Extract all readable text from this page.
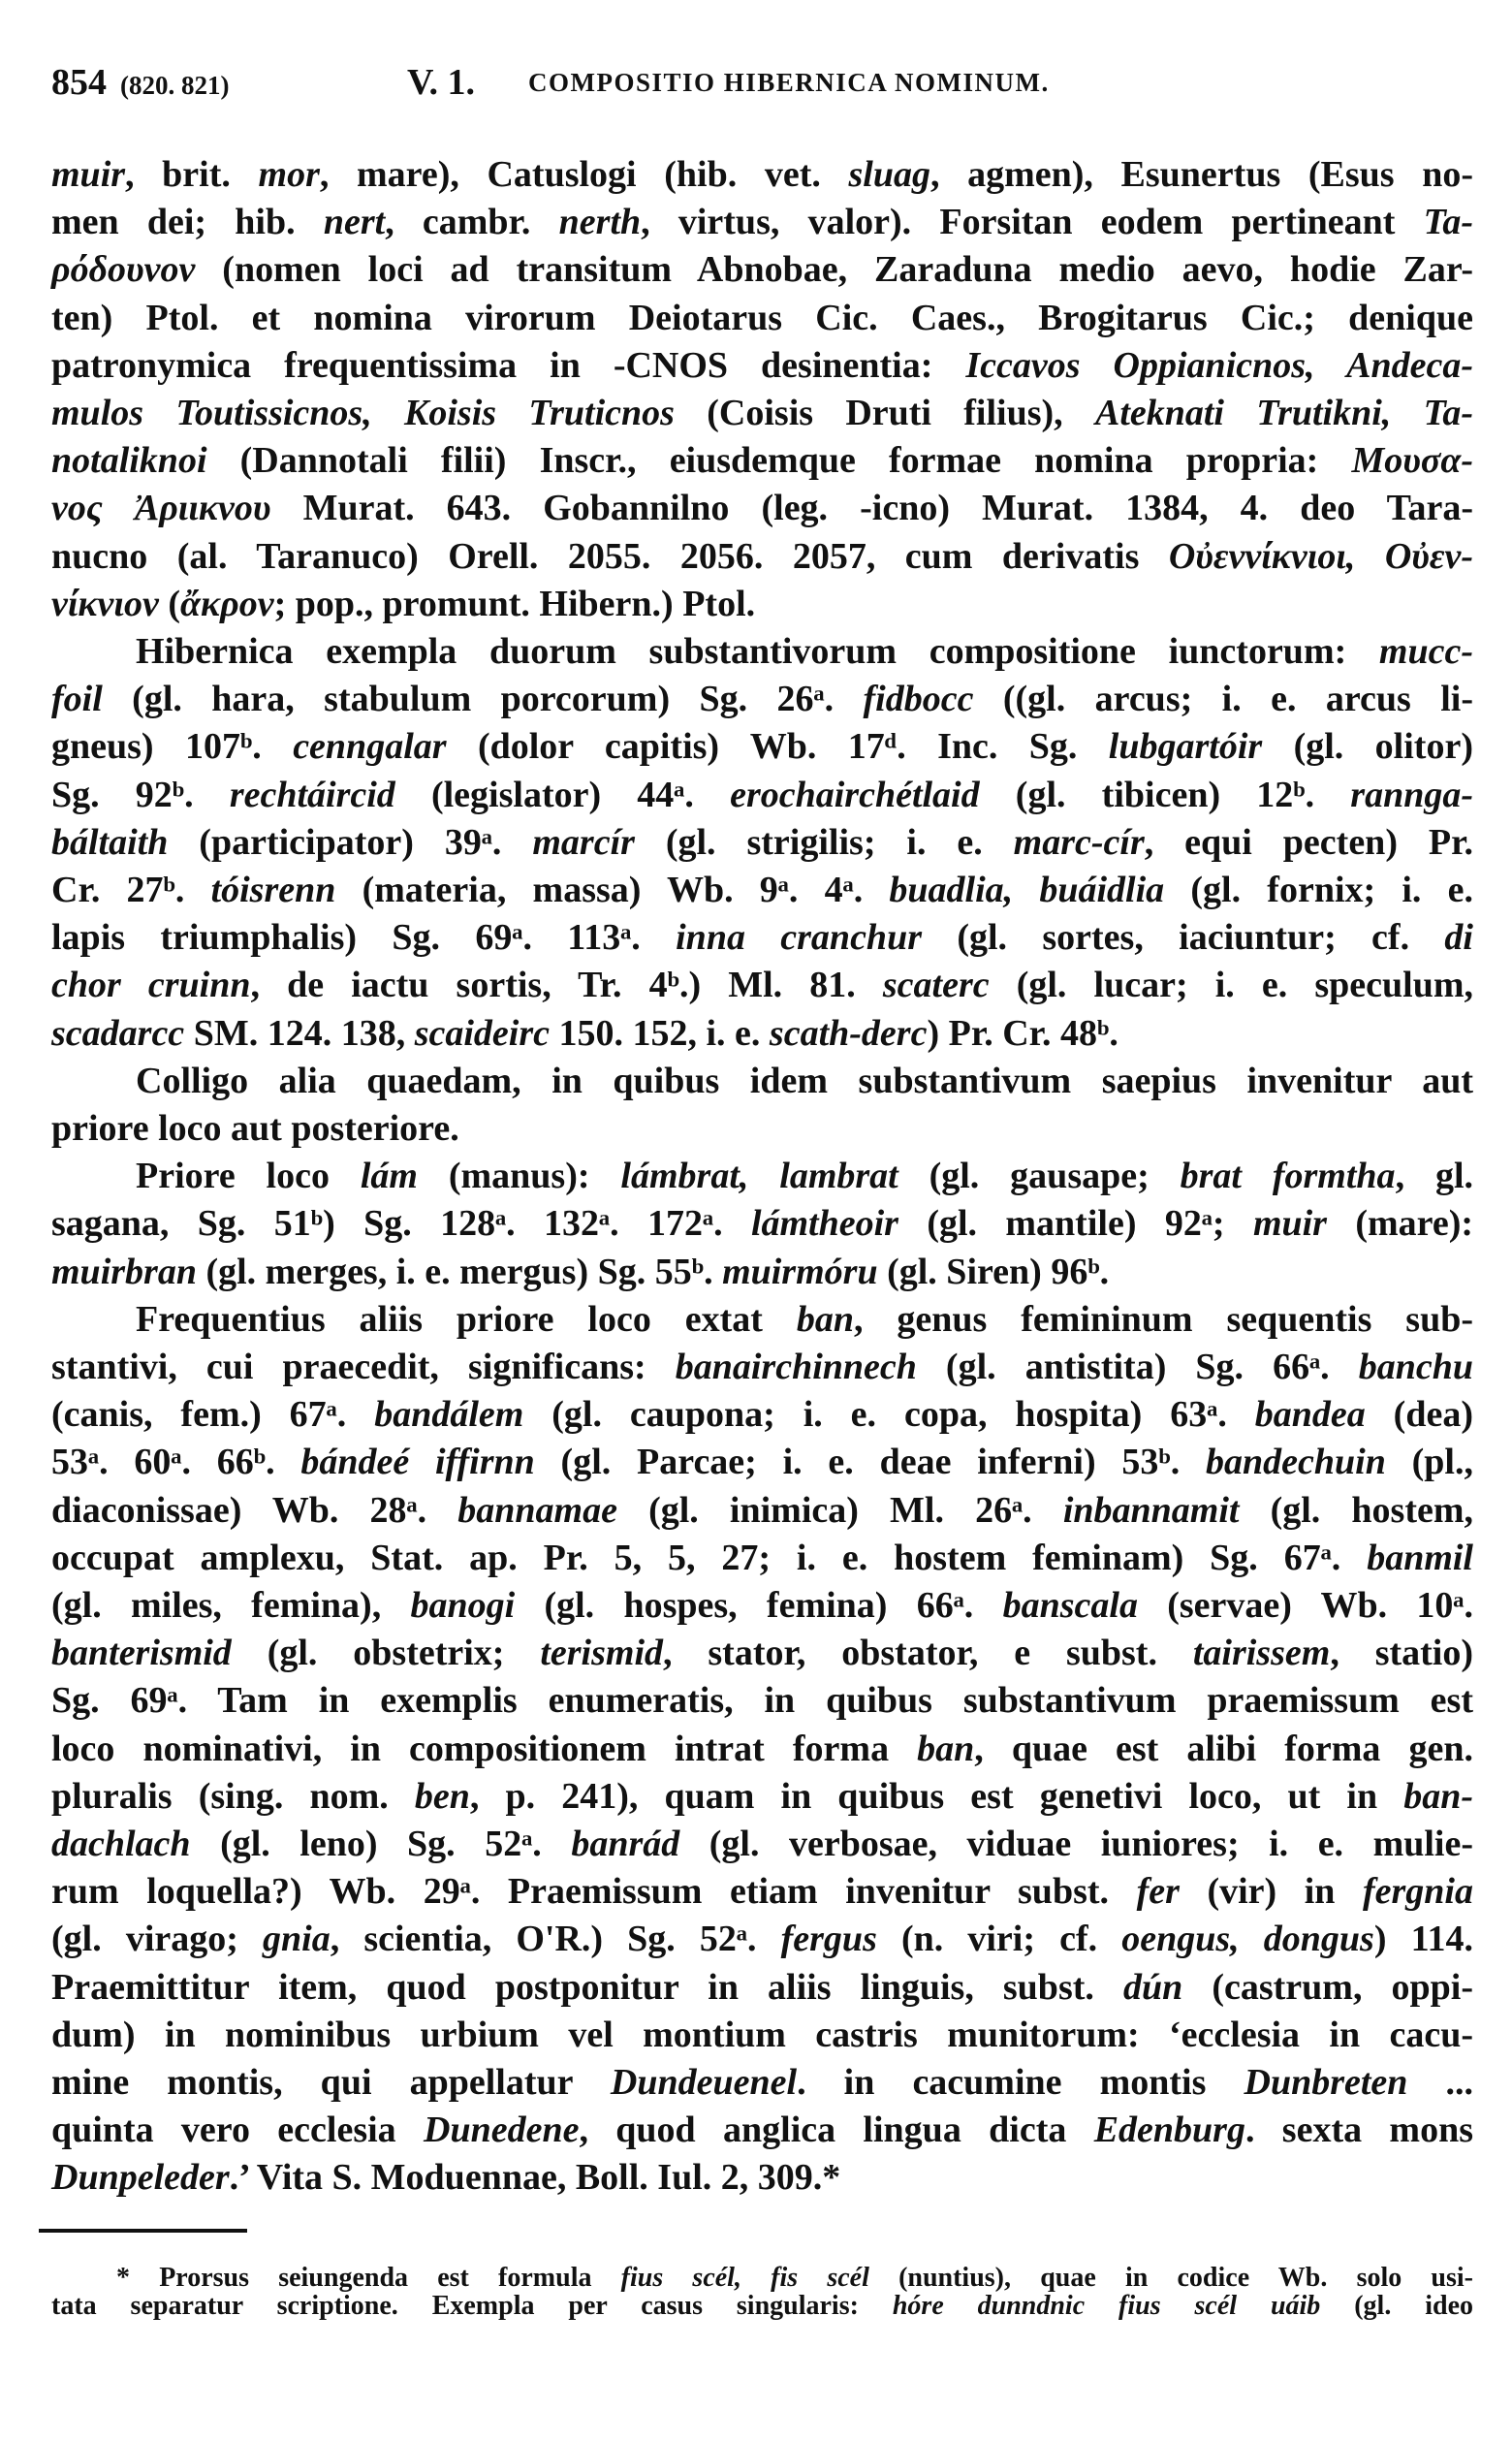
854 (820. 821)	V. 1. COMPOSITIO HIBERNICA NOMINUM.
muir, brit. mor, mare), Catuslogi (hib. vet. sluag, agmen), Esunertus (Esus no-
men dei; hib. nert, cambr. nerth, virtus, valor). Forsitan eodem pertineant Ta-
ρόδουνον (nomen loci ad transitum Abnobae, Zaraduna medio aevo, hodie Zar-
ten) Ptol. et nomina virorum Deiotarus Cic. Caes., Brogitarus Cic.; denique
patronymica frequentissima in -CNOS desinentia: Iccavos Oppianicnos, Andeca-
mulos Toutissicnos, Koisis Truticnos (Coisis Druti filius), Ateknati Trutikni, Ta-
notaliknoi (Dannotali filii) Inscr., eiusdemque formae nomina propria: Μουσα-
νος Ἀριικνου Murat. 643. Gobannilno (leg. -icno) Murat. 1384, 4. deo Tara-
nucno (al. Taranuco) Orell. 2055. 2056. 2057, cum derivatis Οὐεννίκνιοι, Οὐεν-
νίκνιον (ἄκρον; pop., promunt. Hibern.) Ptol.
Hibernica exempla duorum substantivorum compositione iunctorum: mucc-
foil (gl. hara, stabulum porcorum) Sg. 26ᵃ. fidbocc ((gl. arcus; i. e. arcus li-
gneus) 107ᵇ. cenngalar (dolor capitis) Wb. 17ᵈ. Inc. Sg. lubgartóir (gl. olitor)
Sg. 92ᵇ. rechtáircid (legislator) 44ᵃ. erochairchétlaid (gl. tibicen) 12ᵇ. rannga-
báltaith (participator) 39ᵃ. marcír (gl. strigilis; i. e. marc-cír, equi pecten) Pr.
Cr. 27ᵇ. tóisrenn (materia, massa) Wb. 9ᵃ. 4ᵃ. buadlia, buáidlia (gl. fornix; i. e.
lapis triumphalis) Sg. 69ᵃ. 113ᵃ. inna cranchur (gl. sortes, iaciuntur; cf. di
chor cruinn, de iactu sortis, Tr. 4ᵇ.) Ml. 81. scaterc (gl. lucar; i. e. speculum,
scadarcc SM. 124. 138, scaideirc 150. 152, i. e. scath-derc) Pr. Cr. 48ᵇ.
Colligo alia quaedam, in quibus idem substantivum saepius invenitur aut
priore loco aut posteriore.
Priore loco lám (manus): lámbrat, lambrat (gl. gausape; brat formtha, gl.
sagana, Sg. 51ᵇ) Sg. 128ᵃ. 132ᵃ. 172ᵃ. lámtheoir (gl. mantile) 92ᵃ; muir (mare):
muirbran (gl. merges, i. e. mergus) Sg. 55ᵇ. muirmóru (gl. Siren) 96ᵇ.
Frequentius aliis priore loco extat ban, genus femininum sequentis sub-
stantivi, cui praecedit, significans: banairchinnech (gl. antistita) Sg. 66ᵃ. banchu
(canis, fem.) 67ᵃ. bandálem (gl. caupona; i. e. copa, hospita) 63ᵃ. bandea (dea)
53ᵃ. 60ᵃ. 66ᵇ. bándeé iffirnn (gl. Parcae; i. e. deae inferni) 53ᵇ. bandechuin (pl.,
diaconissae) Wb. 28ᵃ. bannamae (gl. inimica) Ml. 26ᵃ. inbannamit (gl. hostem,
occupat amplexu, Stat. ap. Pr. 5, 5, 27; i. e. hostem feminam) Sg. 67ᵃ. banmil
(gl. miles, femina), banogi (gl. hospes, femina) 66ᵃ. banscala (servae) Wb. 10ᵃ.
banterismid (gl. obstetrix; terismid, stator, obstator, e subst. tairissem, statio)
Sg. 69ᵃ. Tam in exemplis enumeratis, in quibus substantivum praemissum est
loco nominativi, in compositionem intrat forma ban, quae est alibi forma gen.
pluralis (sing. nom. ben, p. 241), quam in quibus est genetivi loco, ut in ban-
dachlach (gl. leno) Sg. 52ᵃ. banrád (gl. verbosae, viduae iuniores; i. e. mulie-
rum loquella?) Wb. 29ᵃ. Praemissum etiam invenitur subst. fer (vir) in fergnia
(gl. virago; gnia, scientia, O'R.) Sg. 52ᵃ. fergus (n. viri; cf. oengus, dongus) 114.
Praemittitur item, quod postponitur in aliis linguis, subst. dún (castrum, oppi-
dum) in nominibus urbium vel montium castris munitorum: ‘ecclesia in cacu-
mine montis, qui appellatur Dundeuenel. in cacumine montis Dunbreten ...
quinta vero ecclesia Dunedene, quod anglica lingua dicta Edenburg. sexta mons
Dunpeleder.’ Vita S. Moduennae, Boll. Iul. 2, 309.*
* Prorsus seiungenda est formula fius scél, fis scél (nuntius), quae in codice Wb. solo usi-
tata separatur scriptione. Exempla per casus singularis: hóre dunndnic fius scél uáib (gl. ideo
